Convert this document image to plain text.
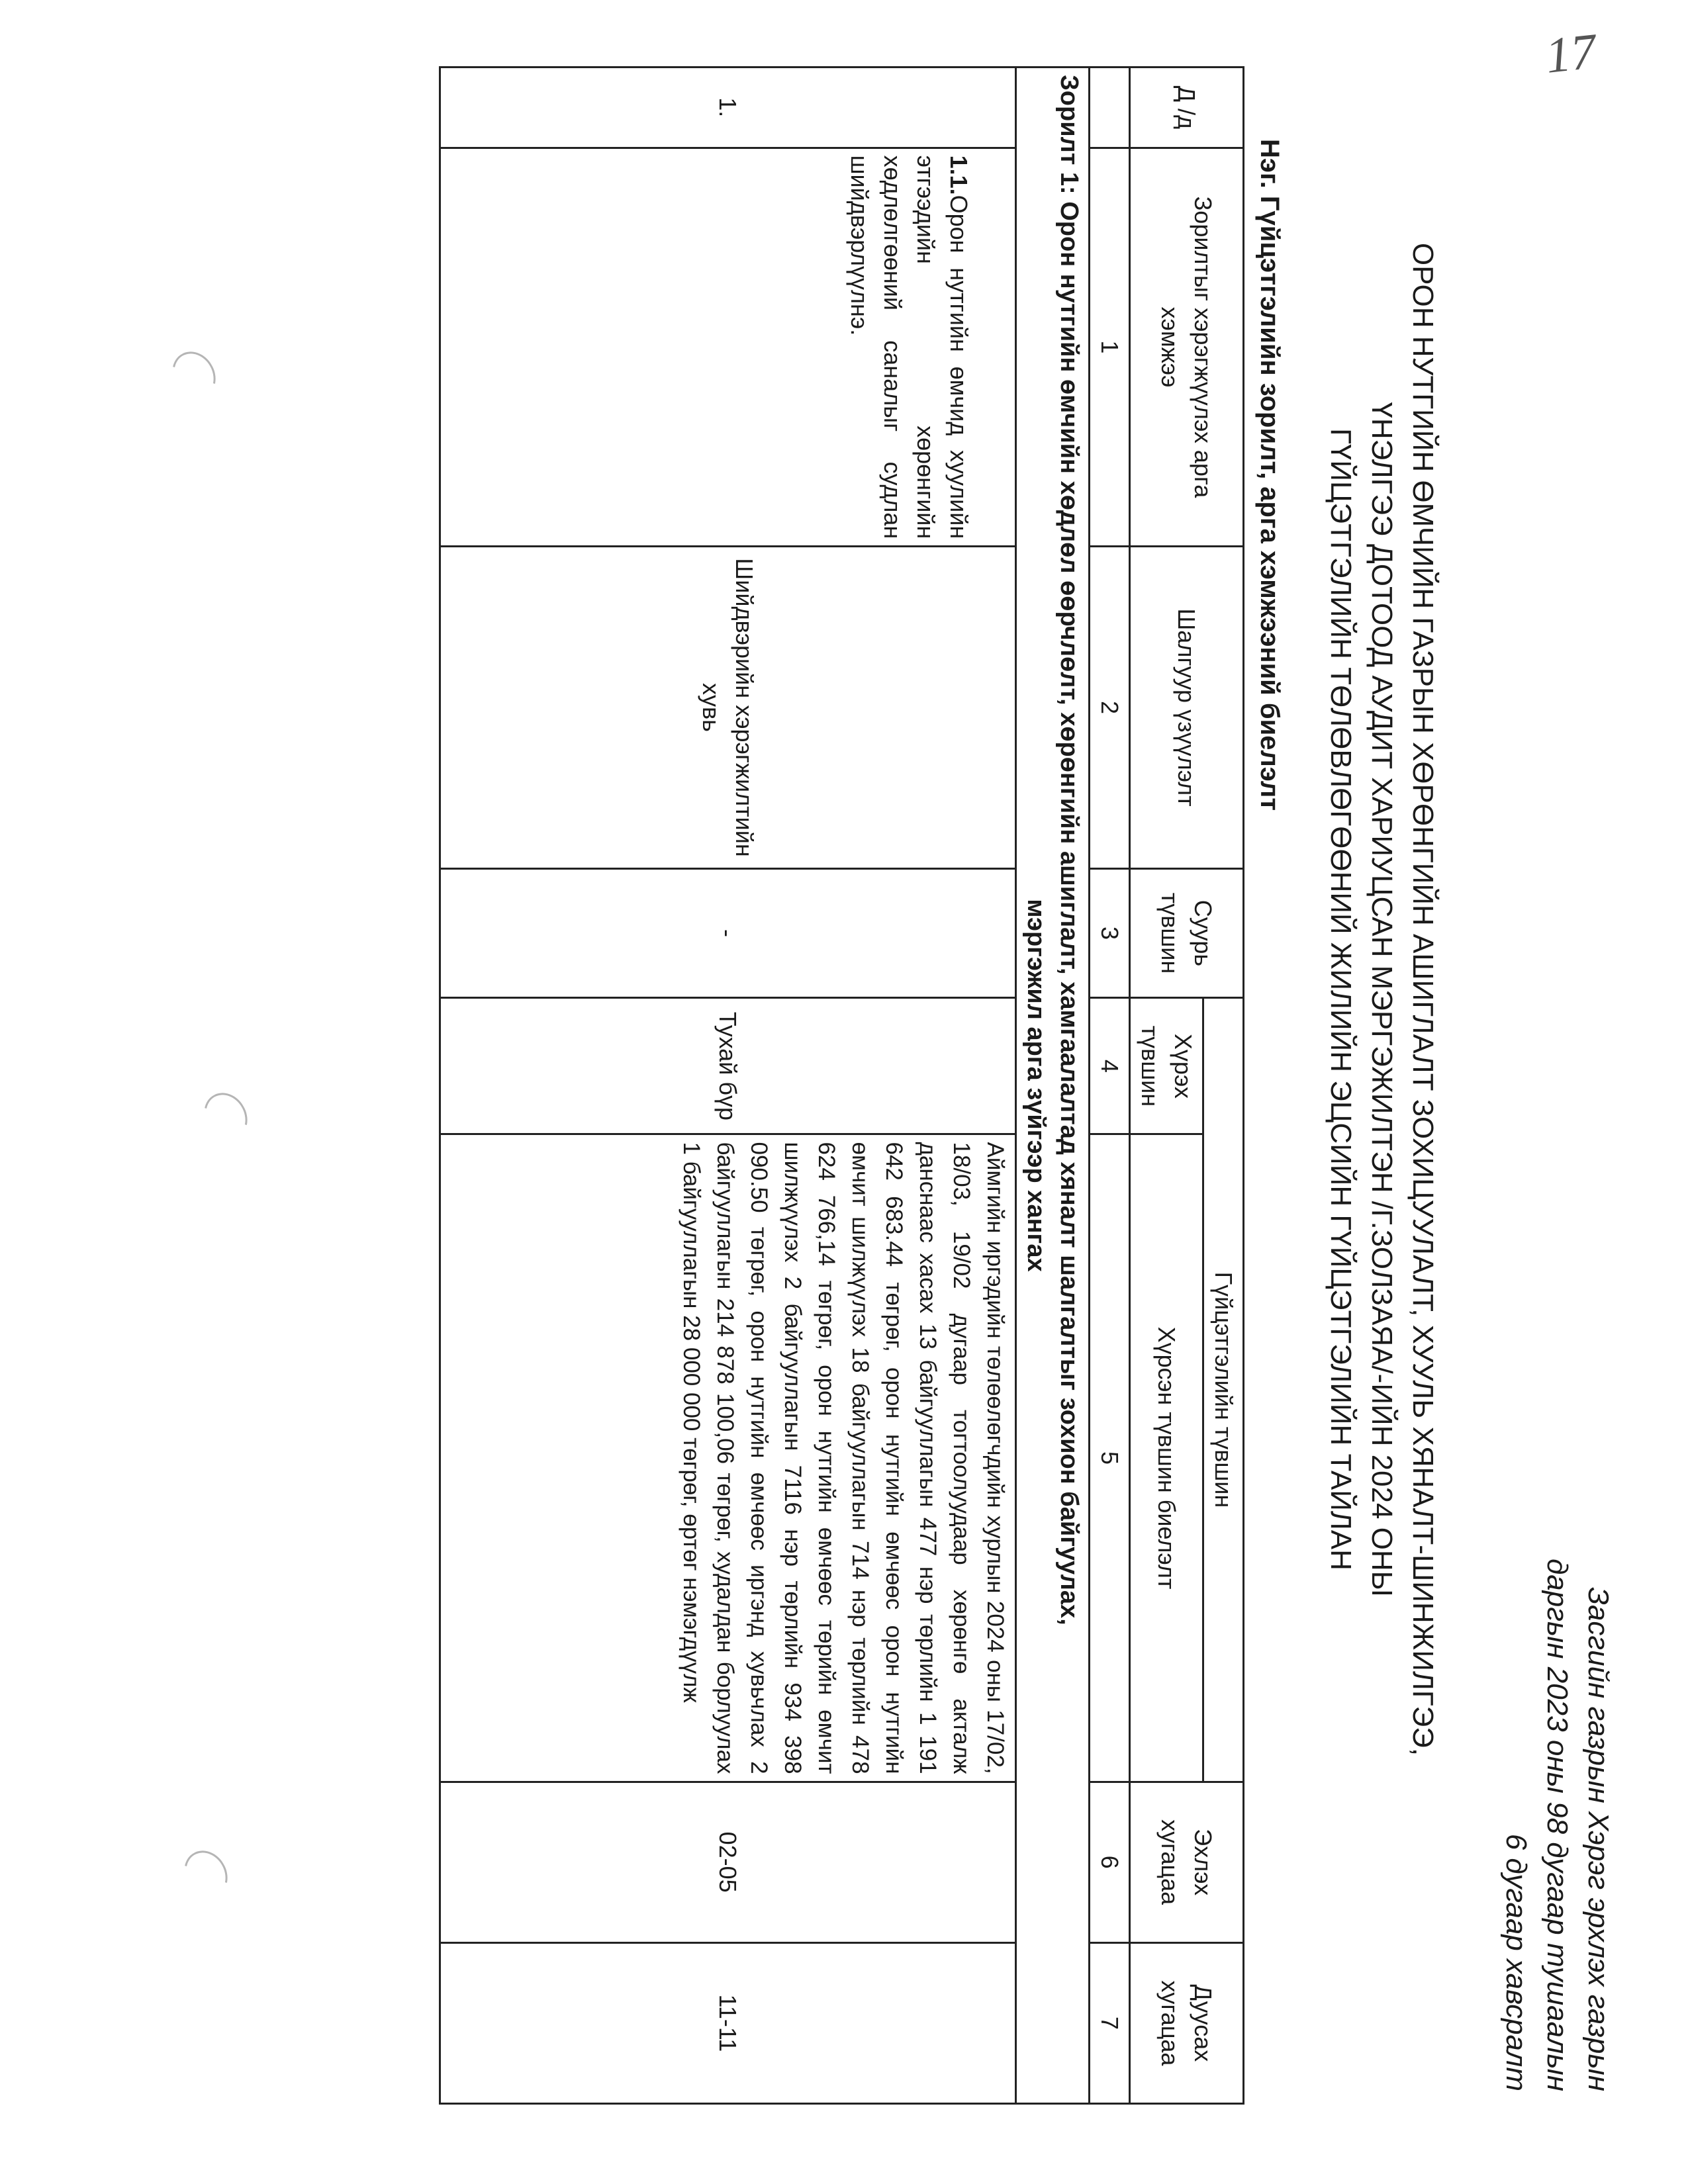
17
Засгийн газрын Хэрэг эрхлэх газрын
даргын 2023 оны 98 дугаар тушаалын
6 дугаар хавсралт
ОРОН НУТГИЙН ӨМЧИЙН ГАЗРЫН ХӨРӨНГИЙН АШИГЛАЛТ ЗОХИЦУУЛАЛТ, ХУУЛЬ ХЯНАЛТ-ШИНЖИЛГЭЭ,
ҮНЭЛГЭЭ ДОТООД АУДИТ ХАРИУЦСАН МЭРГЭЖИЛТЭН /Г.ЗОЛЗАЯА/-ИЙН 2024 ОНЫ
ГҮЙЦЭТГЭЛИЙН ТӨЛӨВЛӨГӨӨНИЙ ЖИЛИЙН ЭЦСИЙН ГҮЙЦЭТГЭЛИЙН ТАЙЛАН
Нэг. Гүйцэтгэлийн зорилт, арга хэмжээний биелэлт
Д /д	Зорилтыг хэрэгжүүлэх арга хэмжээ	Шалгуур үзүүлэлт	Суурь түвшин	Гүйцэтгэлийн түвшин		Эхлэх хугацаа	Дуусах хугацаа
				Хүрэх түвшин	Хүрсэн түвшин биелэлт		
	1	2	3	4	5	6	7
Зорилт 1: Орон нутгийн өмчийн хөдлөл өөрчлөлт, хөрөнгийн ашиглалт, хамгаалалтад хяналт шалгалтыг зохион байгуулах,
мэргэжил арга зүйгээр хангах							

1.	1.1.Орон нутгийн өмчид хуулийн этгээдийн хөрөнгийн хөдлөлгөөний саналыг судлан шийдвэрлүүлнэ.	Шийдвэрийн хэрэгжилтийн хувь	-	Тухай бүр	Аймгийн иргэдийн төлөөлөгчдийн хурлын 2024 оны 17/02, 18/03, 19/02 дугаар тогтоолуудаар хөрөнгө акталж данснаас хасах 13 байгууллагын 477 нэр төрлийн 1 191 642 683.44 төгрөг, орон нутгийн өмчөөс орон нутгийн өмчит шилжүүлэх 18 байгууллагын 714 нэр төрлийн 478 624 766,14 төгрөг, орон нутгийн өмчөөс төрийн өмчит шилжүүлэх 2 байгууллагын 7116 нэр төрлийн 934 398 090.50 төгрөг, орон нутгийн өмчөөс иргэнд хувьчлах 2 байгууллагын 214 878 100,06 төгрөг, худалдан борлуулах 1 байгууллагын 28 000 000 төгрөг, өртөг нэмэгдүүлж	02-05	11-11
